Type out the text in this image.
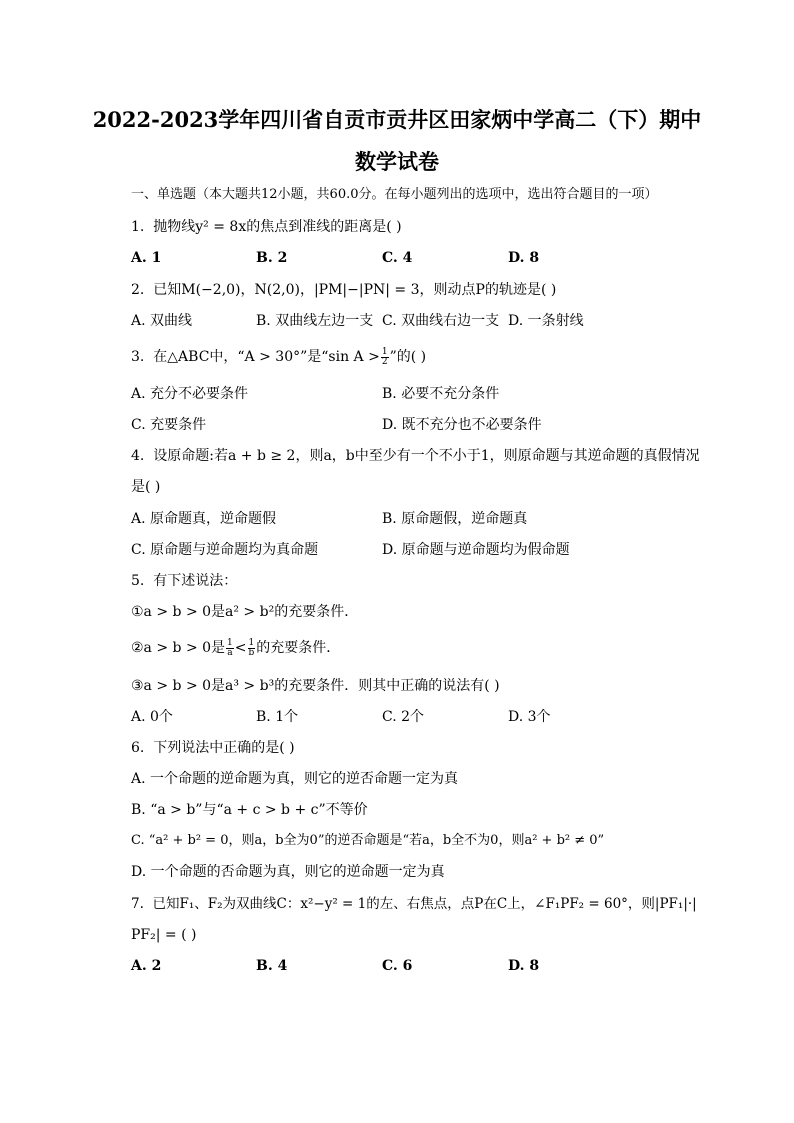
2022-2023学年四川省自贡市贡井区田家炳中学高二（下）期中
数学试卷
一、单选题（本大题共12小题，共60.0分。在每小题列出的选项中，选出符合题目的一项）
1. 抛物线y² = 8x的焦点到准线的距离是( )
A. 1	B. 2	C. 4	D. 8
2. 已知M(−2,0)，N(2,0)，|PM|−|PN| = 3，则动点P的轨迹是( )
A. 双曲线	B. 双曲线左边一支 C. 双曲线右边一支 D. 一条射线
3. 在△ABC中，“A > 30°”是“sin $A > \frac{1}{2}$ ”的( )
A. 充分不必要条件	B. 必要不充分条件
C. 充要条件	D. 既不充分也不必要条件
4. 设原命题:若a + b ≥ 2，则a，b中至少有一个不小于1，则原命题与其逆命题的真假情况
是( )
A. 原命题真，逆命题假	B. 原命题假，逆命题真
C. 原命题与逆命题均为真命题	D. 原命题与逆命题均为假命题
5. 有下述说法：
①a > b > 0是a² > b²的充要条件．
②a > b > 0是 $\frac{1}{a} < \frac{1}{b}$ 的充要条件．
③a > b > 0是a³ > b³的充要条件．则其中正确的说法有( )
A. 0个	B. 1个	C. 2个	D. 3个
6. 下列说法中正确的是( )
A. 一个命题的逆命题为真，则它的逆否命题一定为真
B. “a > b”与“a + c > b + c”不等价
C. “a² + b² = 0，则a，b全为0”的逆否命题是“若a，b全不为0，则a² + b² ≠ 0”
D. 一个命题的否命题为真，则它的逆命题一定为真
7. 已知F₁、F₂为双曲线C：x²−y² = 1的左、右焦点，点P在C上，∠F₁PF₂ = 60°，则|PF₁|·|
PF₂| = ( )
A. 2	B. 4	C. 6	D. 8
